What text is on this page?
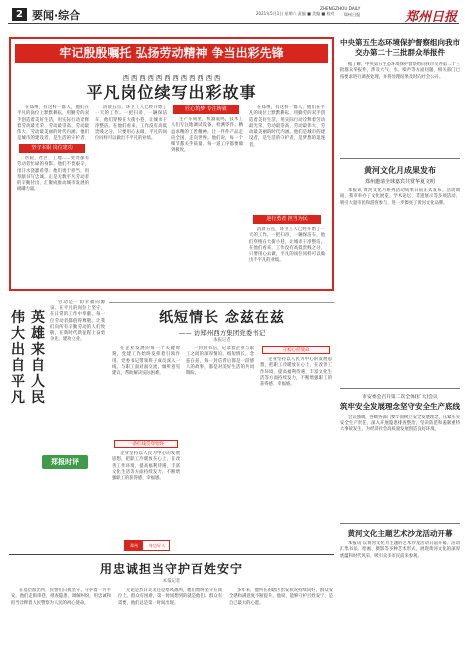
2 要闻·综合	2021年5月1日 星期六 责编 ■ 美编 ■ 校对
ZHENGZHOU DAILY
郑州日报	郑州日报
牢记殷殷嘱托 弘扬劳动精神 争当出彩先锋
西 西 西 西 西 西 西 西 西 西 西 西
平凡岗位续写出彩故事
在郑州，有这样一群人，他们在平凡的岗位上默默耕耘，用勤劳的双手创造着美好生活，用实际行动诠释着劳动最光荣、劳动最崇高、劳动最伟大、劳动最美丽的时代内涵。他们是城市的建设者，是生活的守护者，
坚守本职 岗位建功
医院、社区、工地……处处都有劳动者忙碌的身影。他们不畏艰辛，用汗水浇灌希望；他们勇于担当，用奉献书写忠诚。正是无数平凡劳动者的辛勤付出，汇聚成推动城市发展的磅礴力量。
清晨五点，环卫工人已经开始了一天的工作。一把扫帚、一辆保洁车，他们穿梭在大街小巷，让城市干净整洁。在他们看来，工作没有高低贵贱之分，只要用心去做，平凡的岗位同样可以做出不平凡的业绩。
匠心筑梦 专注铸就
生产车间里，机器轰鸣，技术工人们专注地调试设备、检测零件。精益求精的工匠精神，让一件件产品走向全国、走向世界。他们说，每一个细节都关乎质量，每一道工序都要做到极致。
在郑州，有这样一群人，他们在平凡的岗位上默默耕耘，用勤劳的双手创造着美好生活，用实际行动诠释着劳动最光荣、劳动最崇高、劳动最伟大、劳动最美丽的时代内涵。他们是城市的建设者，是生活的守护者，是梦想的追逐者。
逆行勇者 担当为民
清晨五点，环卫工人已经开始了一天的工作。一把扫帚、一辆保洁车，他们穿梭在大街小巷，让城市干净整洁。在他们看来，工作没有高低贵贱之分，只要用心去做，平凡的岗位同样可以做出不平凡的业绩。
中央第五生态环境保护督察组向我市交办第二十三批群众举报件
据了解，中央第五生态环境保护督察组向我市交办第二十三批群众举报件，涉及大气、水、噪声等方面问题，相关部门已按要求进行调查处理，并将处理结果及时向社会公开。
黄河文化月成果发布
郑州邀请全球嘉宾共赏华夏文明
本报讯 黄河文化月系列活动成果日前正式发布。活动期间，我市举办了文化展览、学术论坛、非遗展示等多项活动，吸引大量市民和游客参与，进一步擦亮了黄河文化品牌。
市安委会召开第二次全体(扩大)会议
筑牢安全发展理念坚守安全生产底线
会议强调，各级各部门要牢固树立安全发展理念，压紧压实安全生产责任，深入开展隐患排查整治，坚决防范和遏制重特大事故发生，为经济社会高质量发展创造良好环境。
黄河文化主题艺术沙龙活动开幕
本报讯 以黄河文化为主题的艺术沙龙活动日前开幕。活动汇集书法、绘画、摄影等多种艺术形式，展现黄河文化的深厚底蕴和时代风采，吸引众多市民前来参观。
伟大出自平凡
英雄来自人民
劳动是一切幸福的源泉。在平凡的岗位上坚守，在日常的工作中奉献，每一位劳动者都值得尊敬。让我们向所有辛勤劳动的人们致敬，在新时代新征程上奋勇争先、建功立业。
郑报时评
纸短情长 念兹在兹
—— 访郑州西方集团党委书记
本报记者
在企业发展的每一个关键时刻，党建工作始终发挥着引领作用。党委书记带领班子成员深入一线，与职工面对面交流，倾听意见建议，帮助解决实际困难。
一条红线贯穿始终
企业坚持以人民为中心的发展思想，把职工冷暖放在心上，在改善工作环境、提高福利待遇、丰富文化生活等方面持续发力，不断增强职工的获得感、幸福感。
一封封书信，记录着企业与职工之间的深厚情谊。纸短情长，念兹在兹，每一封信背后都是一段感人的故事，都是对美好生活的共同期盼。
守初心担使命
企业坚持以人民为中心的发展思想，把职工冷暖放在心上，在改善工作环境、提高福利待遇、丰富文化生活等方面持续发力，不断增强职工的获得感、幸福感。
郑州	身边好人
用忠诚担当守护百姓安宁
本报记者
在基层派出所，民警们日夜坚守，守护着一方平安。他们走街串巷、排查隐患、调解纠纷，用忠诚和担当诠释着人民警察为人民的初心使命。
无论是烈日炎炎还是寒风凛冽，他们始终坚守在岗位上。群众有困难，第一时间想到的就是他们；群众有需要，他们总是第一时间出现。
多年来，他所在的辖区治安状况持续向好，群众安全感和满意度不断提升。他说，能够守护百姓安宁，是自己最大的心愿。
